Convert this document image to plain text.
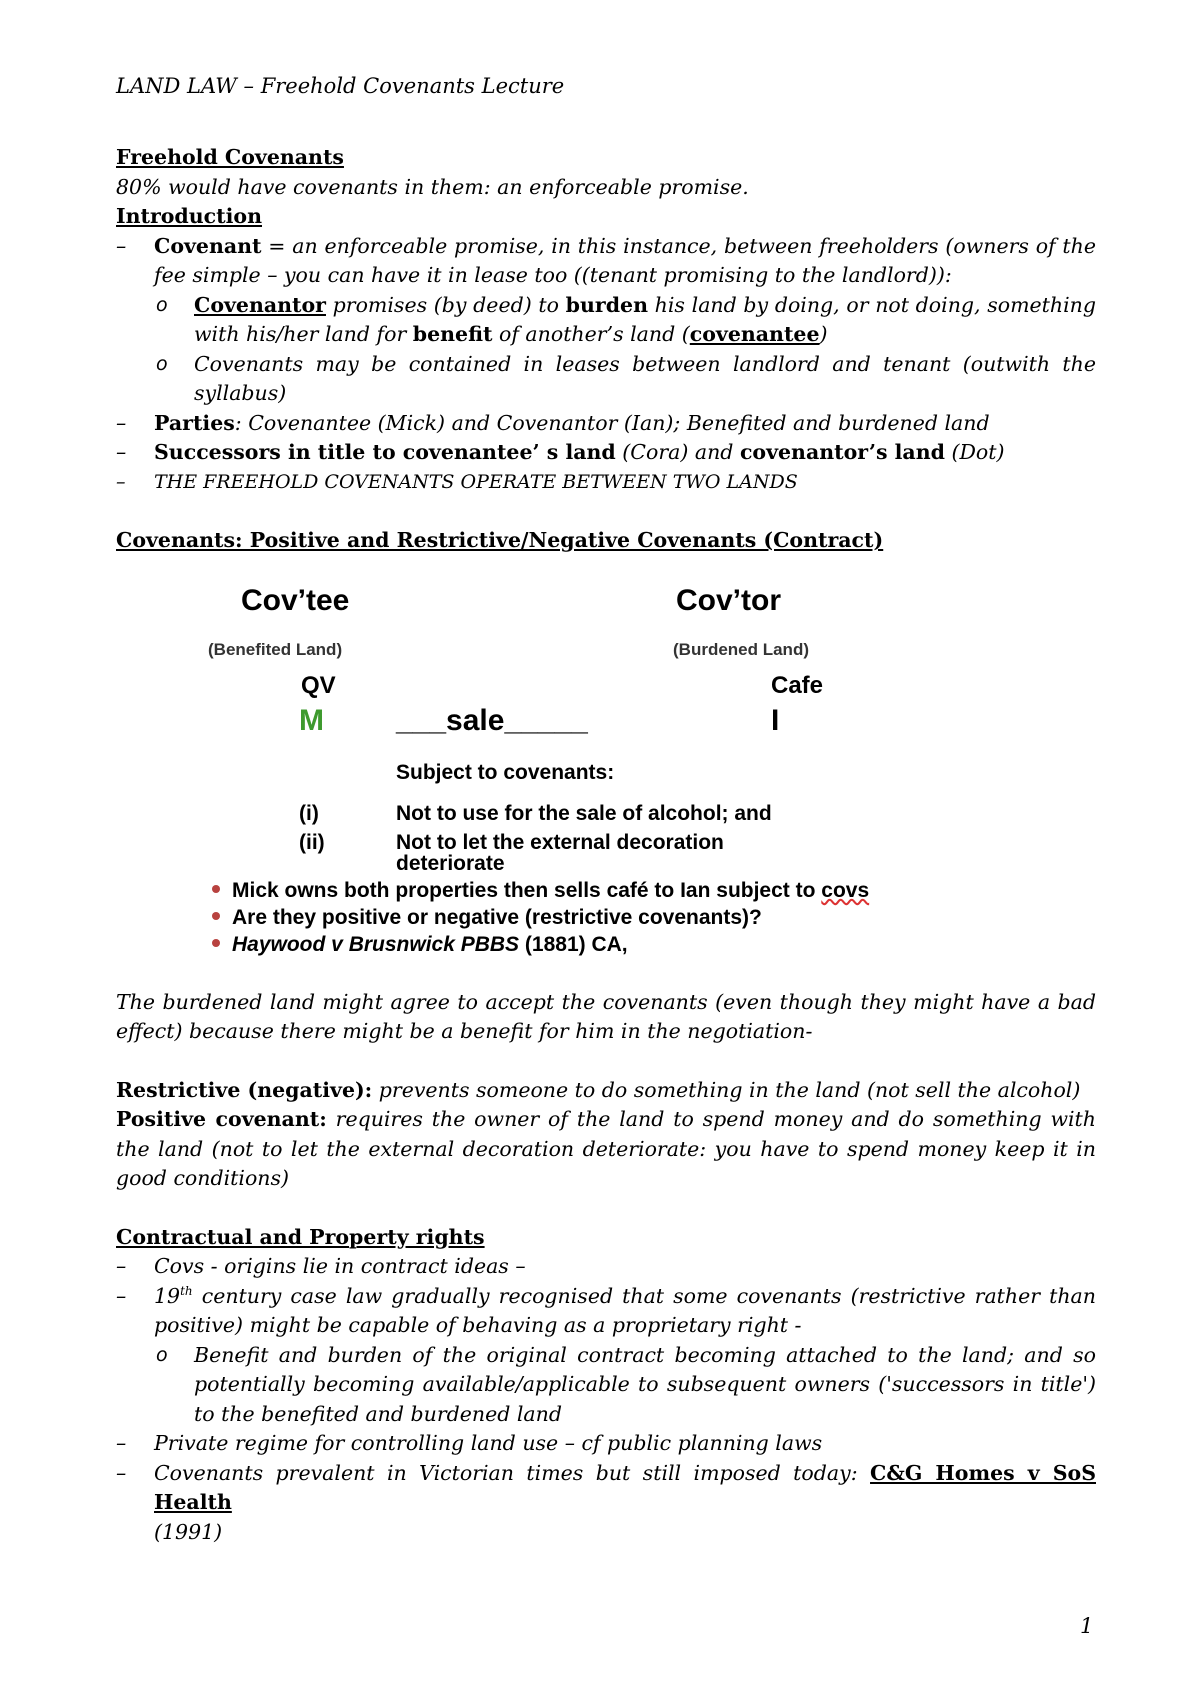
LAND LAW – Freehold Covenants Lecture

Freehold Covenants

80% would have covenants in them: an enforceable promise.

Introduction

– Covenant = an enforceable promise, in this instance, between freeholders (owners of the fee simple – you can have it in lease too ((tenant promising to the landlord)):

o Covenantor promises (by deed) to burden his land by doing, or not doing, something with his/her land for benefit of another’s land (covenantee)

o Covenants may be contained in leases between landlord and tenant (outwith the syllabus)

– Parties: Covenantee (Mick) and Covenantor (Ian); Benefited and burdened land

– Successors in title to covenantee’ s land (Cora) and covenantor’s land (Dot)

– THE FREEHOLD COVENANTS OPERATE BETWEEN TWO LANDS

Covenants: Positive and Restrictive/Negative Covenants (Contract)

Cov’tee	Cov’tor
(Benefited Land)	(Burdened Land)
QV	Cafe
M ___sale_____	I
Subject to covenants:
(i)	Not to use for the sale of alcohol; and
(ii)	Not to let the external decoration
deteriorate
Mick owns both properties then sells café to Ian subject to covs
Are they positive or negative (restrictive covenants)?
Haywood v Brusnwick PBBS (1881) CA,

The burdened land might agree to accept the covenants (even though they might have a bad effect) because there might be a benefit for him in the negotiation-

Restrictive (negative): prevents someone to do something in the land (not sell the alcohol)

Positive covenant: requires the owner of the land to spend money and do something with the land (not to let the external decoration deteriorate: you have to spend money keep it in good conditions)

Contractual and Property rights

– Covs - origins lie in contract ideas –

– 19th century case law gradually recognised that some covenants (restrictive rather than positive) might be capable of behaving as a proprietary right -

o Benefit and burden of the original contract becoming attached to the land; and so potentially becoming available/applicable to subsequent owners ('successors in title') to the benefited and burdened land

– Private regime for controlling land use – cf public planning laws

– Covenants prevalent in Victorian times but still imposed today: C&G Homes v SoS Health
(1991)

1
